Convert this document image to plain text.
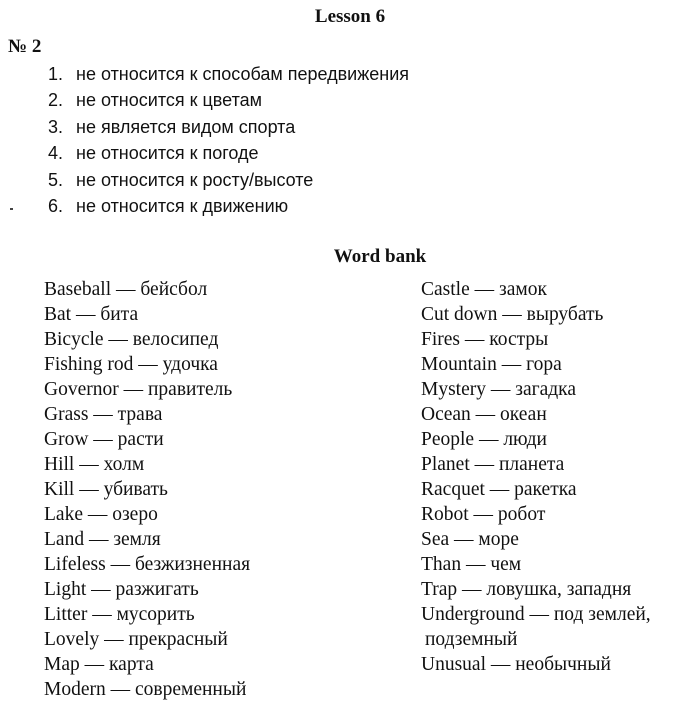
Lesson 6
№ 2
1. не относится к способам передвижения
2. не относится к цветам
3. не является видом спорта
4. не относится к погоде
5. не относится к росту/высоте
6. не относится к движению
Word bank
Baseball — бейсбол
Bat — бита
Bicycle — велосипед
Fishing rod — удочка
Governor — правитель
Grass — трава
Grow — расти
Hill — холм
Kill — убивать
Lake — озеро
Land — земля
Lifeless — безжизненная
Light — разжигать
Litter — мусорить
Lovely — прекрасный
Map — карта
Modern — современный
Castle — замок
Cut down — вырубать
Fires — костры
Mountain — гора
Mystery — загадка
Ocean — океан
People — люди
Planet — планета
Racquet — ракетка
Robot — робот
Sea — море
Than — чем
Trap — ловушка, западня
Underground — под землей,
подземный
Unusual — необычный
